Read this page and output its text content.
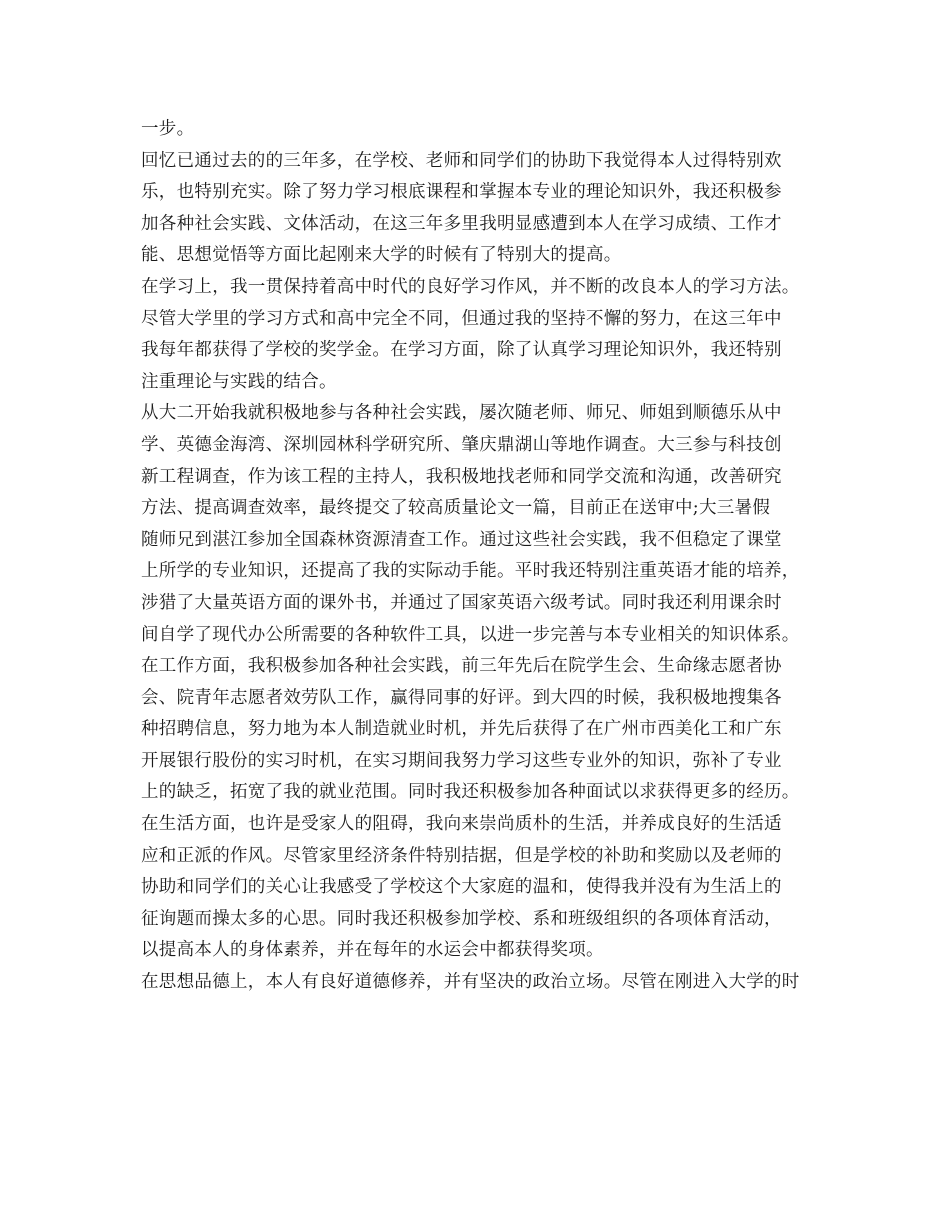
一步。
回忆已通过去的的三年多，在学校、老师和同学们的协助下我觉得本人过得特别欢
乐，也特别充实。除了努力学习根底课程和掌握本专业的理论知识外，我还积极参
加各种社会实践、文体活动，在这三年多里我明显感遭到本人在学习成绩、工作才
能、思想觉悟等方面比起刚来大学的时候有了特别大的提高。
在学习上，我一贯保持着高中时代的良好学习作风，并不断的改良本人的学习方法。
尽管大学里的学习方式和高中完全不同，但通过我的坚持不懈的努力，在这三年中
我每年都获得了学校的奖学金。在学习方面，除了认真学习理论知识外，我还特别
注重理论与实践的结合。
从大二开始我就积极地参与各种社会实践，屡次随老师、师兄、师姐到顺德乐从中
学、英德金海湾、深圳园林科学研究所、肇庆鼎湖山等地作调查。大三参与科技创
新工程调查，作为该工程的主持人，我积极地找老师和同学交流和沟通，改善研究
方法、提高调查效率，最终提交了较高质量论文一篇，目前正在送审中;大三暑假
随师兄到湛江参加全国森林资源清查工作。通过这些社会实践，我不但稳定了课堂
上所学的专业知识，还提高了我的实际动手能。平时我还特别注重英语才能的培养，
涉猎了大量英语方面的课外书，并通过了国家英语六级考试。同时我还利用课余时
间自学了现代办公所需要的各种软件工具，以进一步完善与本专业相关的知识体系。
在工作方面，我积极参加各种社会实践，前三年先后在院学生会、生命缘志愿者协
会、院青年志愿者效劳队工作，赢得同事的好评。到大四的时候，我积极地搜集各
种招聘信息，努力地为本人制造就业时机，并先后获得了在广州市西美化工和广东
开展银行股份的实习时机，在实习期间我努力学习这些专业外的知识，弥补了专业
上的缺乏，拓宽了我的就业范围。同时我还积极参加各种面试以求获得更多的经历。
在生活方面，也许是受家人的阻碍，我向来崇尚质朴的生活，并养成良好的生活适
应和正派的作风。尽管家里经济条件特别拮据，但是学校的补助和奖励以及老师的
协助和同学们的关心让我感受了学校这个大家庭的温和，使得我并没有为生活上的
征询题而操太多的心思。同时我还积极参加学校、系和班级组织的各项体育活动，
以提高本人的身体素养，并在每年的水运会中都获得奖项。
在思想品德上，本人有良好道德修养，并有坚决的政治立场。尽管在刚进入大学的时
